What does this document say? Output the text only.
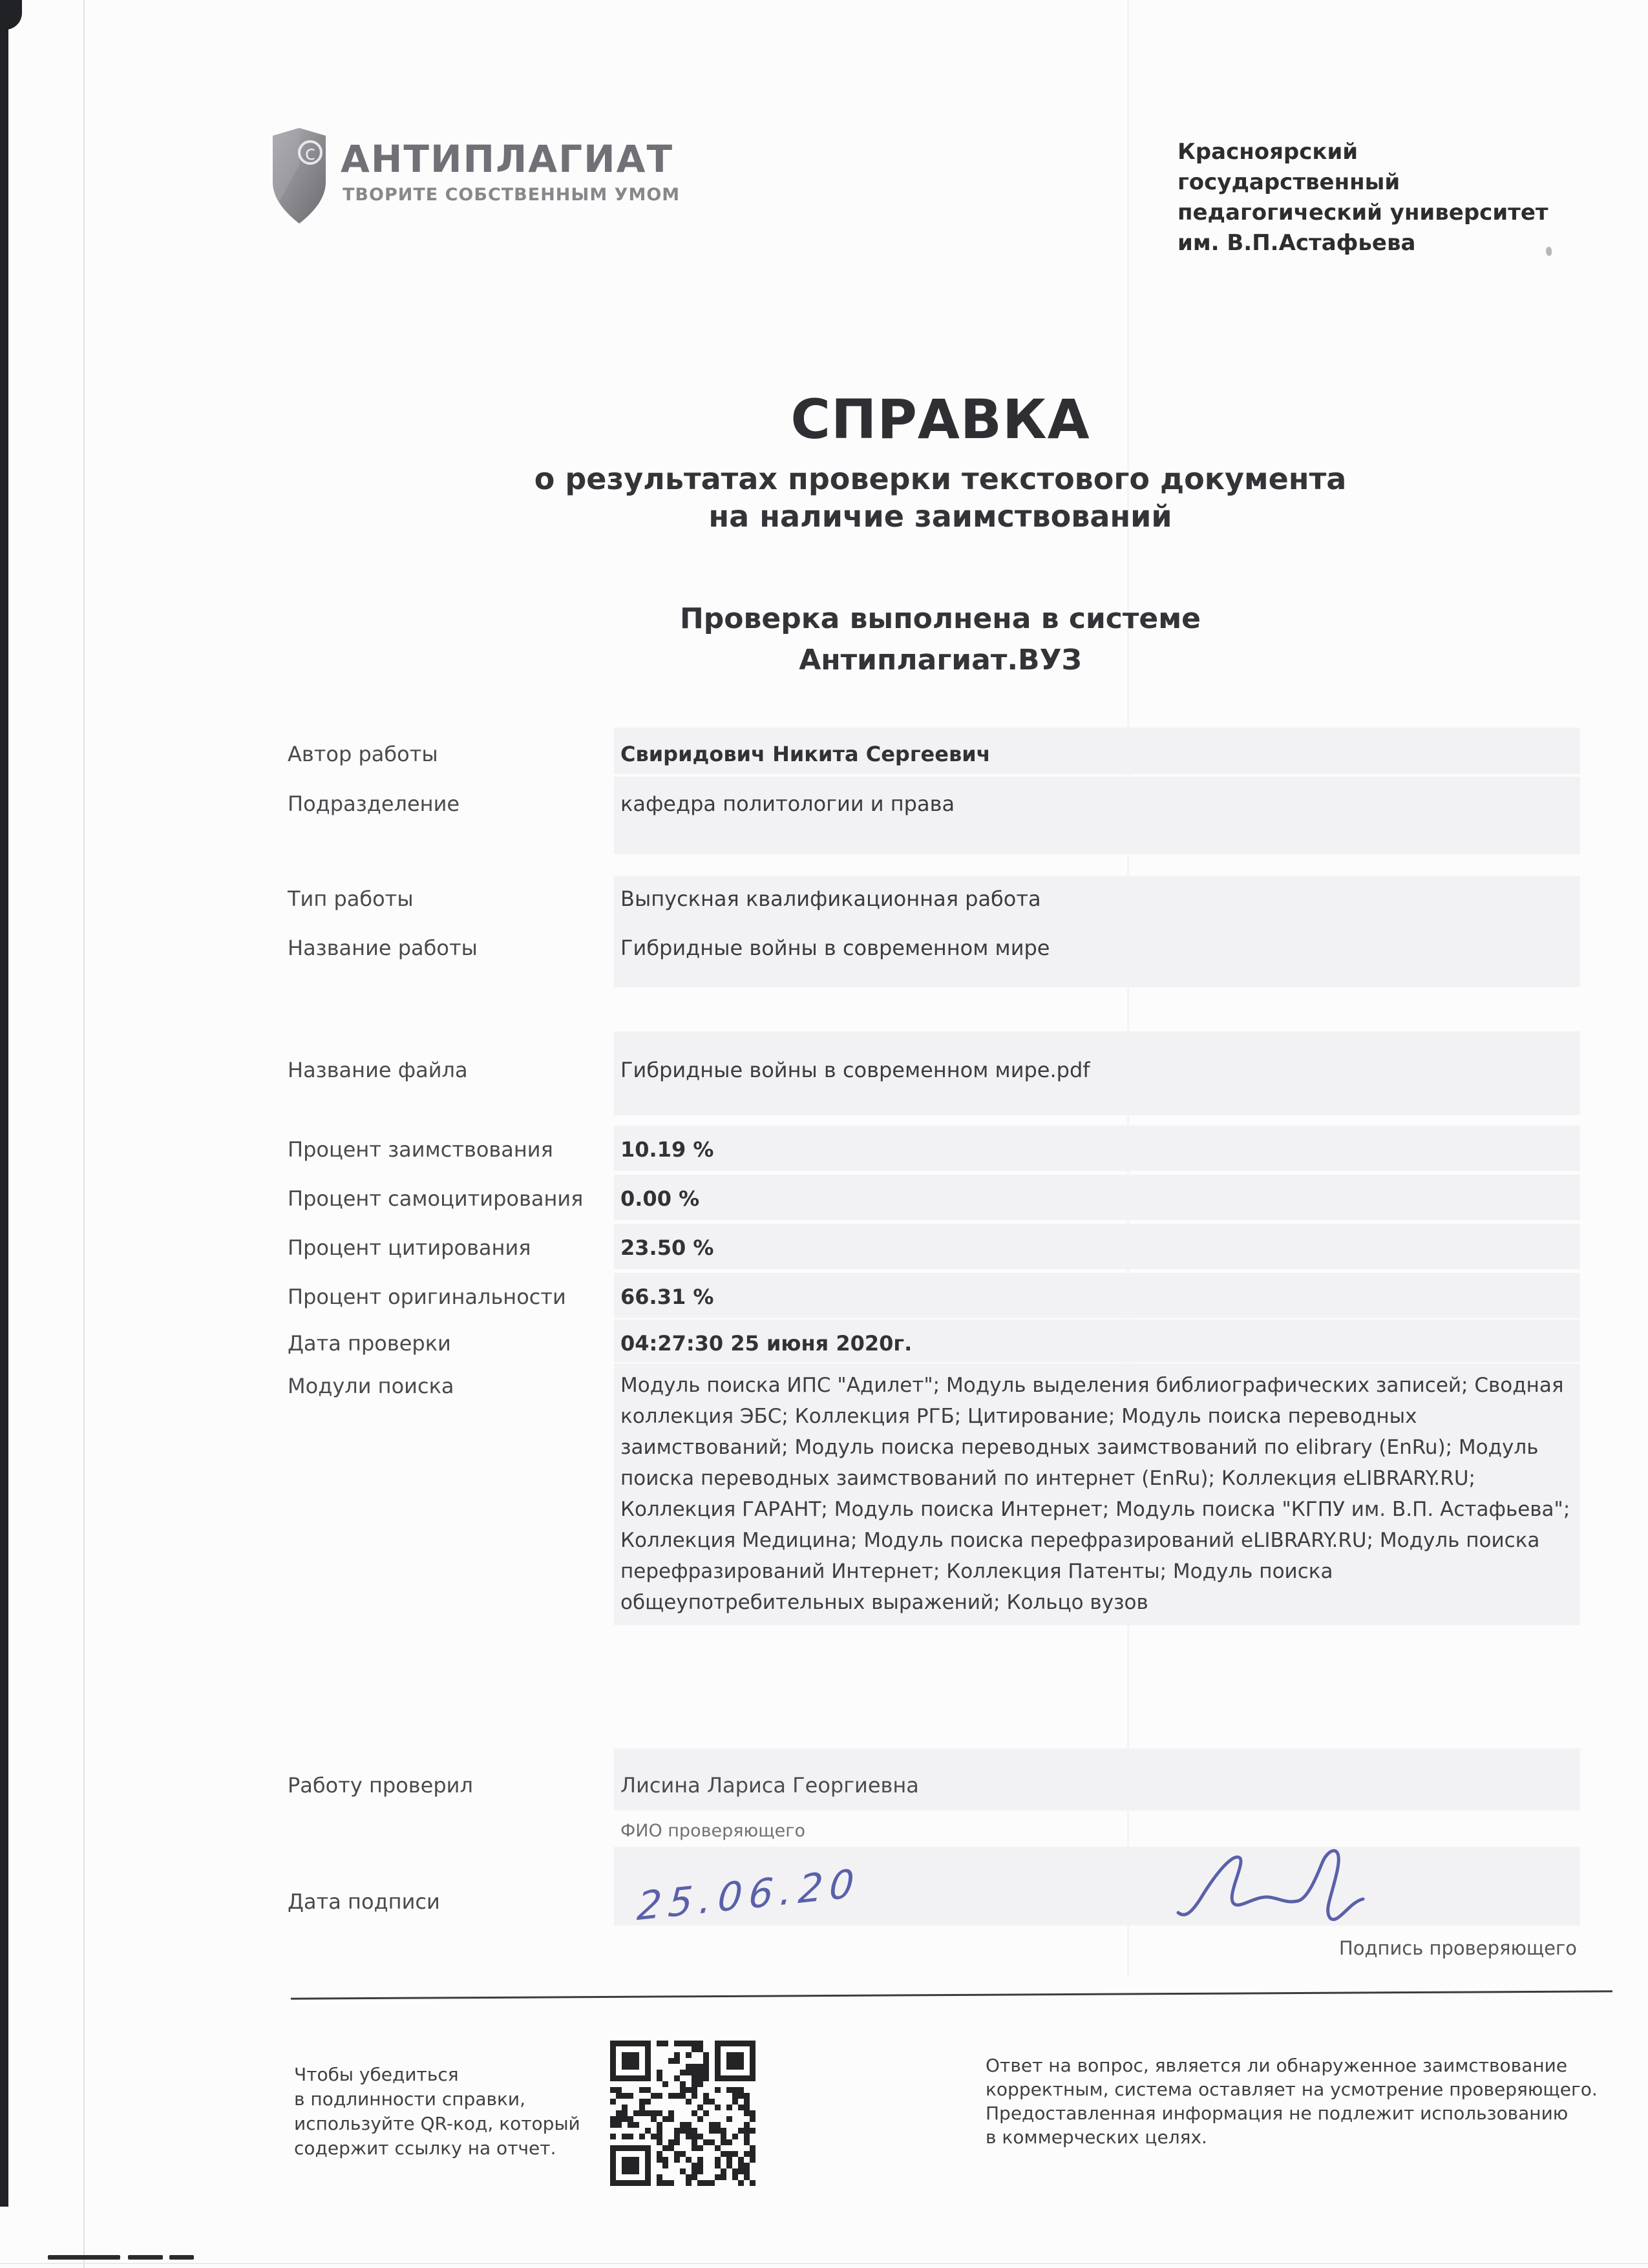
c АНТИПЛАГИАТ
ТВОРИТЕ СОБСТВЕННЫМ УМОМ
Красноярский
государственный
педагогический университет
им. В.П.Астафьева
СПРАВКА
о результатах проверки текстового документа
на наличие заимствований
Проверка выполнена в системе
Антиплагиат.ВУЗ
Автор работы	Свиридович Никита Сергеевич
Подразделение	кафедра политологии и права
Тип работы	Выпускная квалификационная работа
Название работы	Гибридные войны в современном мире
Название файла	Гибридные войны в современном мире.pdf
Процент заимствования	10.19 %
Процент самоцитирования 0.00 %
Процент цитирования	23.50 %
Процент оригинальности	66.31 %
Дата проверки	04:27:30 25 июня 2020г.
Модули поиска	Модуль поиска ИПС "Адилет"; Модуль выделения библиографических записей; Сводная коллекция ЭБС; Коллекция РГБ; Цитирование; Модуль поиска переводных заимствований; Модуль поиска переводных заимствований по elibrary (EnRu); Модуль поиска переводных заимствований по интернет (EnRu); Коллекция eLIBRARY.RU; Коллекция ГАРАНТ; Модуль поиска Интернет; Модуль поиска "КГПУ им. В.П. Астафьева"; Коллекция Медицина; Модуль поиска перефразирований eLIBRARY.RU; Модуль поиска перефразирований Интернет; Коллекция Патенты; Модуль поиска общеупотребительных выражений; Кольцо вузов
Работу проверил	Лисина Лариса Георгиевна
ФИО проверяющего
Дата подписи	25.06.20
Подпись проверяющего
Чтобы убедиться
в подлинности справки,
используйте QR-код, который
содержит ссылку на отчет.
Ответ на вопрос, является ли обнаруженное заимствование
корректным, система оставляет на усмотрение проверяющего.
Предоставленная информация не подлежит использованию
в коммерческих целях.
